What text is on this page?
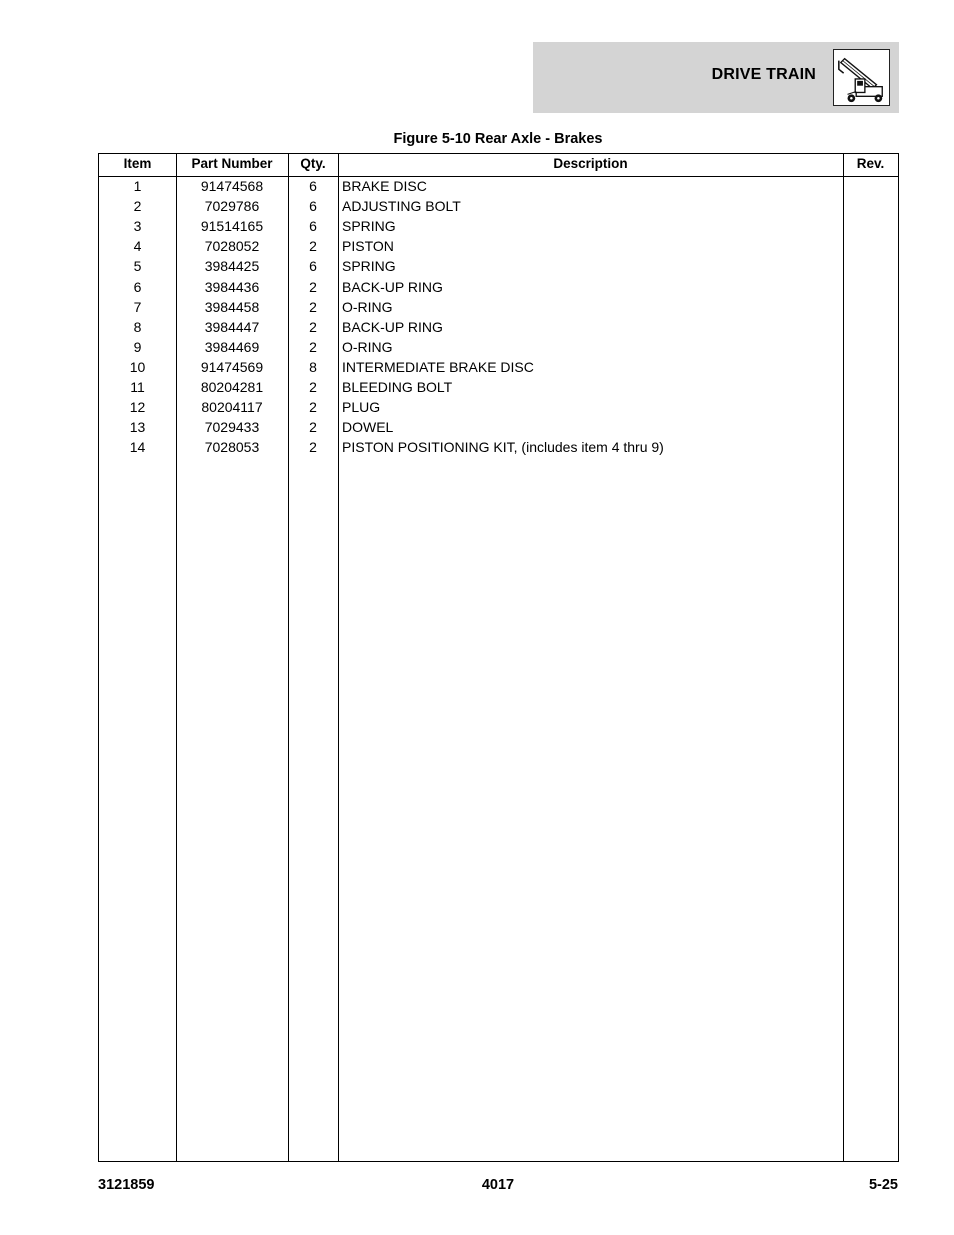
DRIVE TRAIN
Figure 5-10 Rear Axle - Brakes
Item	Part Number	Qty.	Description	Rev.
1	91474568	6	BRAKE DISC
2	7029786	6	ADJUSTING BOLT
3	91514165	6	SPRING
4	7028052	2	PISTON
5	3984425	6	SPRING
6	3984436	2	BACK-UP RING
7	3984458	2	O-RING
8	3984447	2	BACK-UP RING
9	3984469	2	O-RING
10	91474569	8	INTERMEDIATE BRAKE DISC
11	80204281	2	BLEEDING BOLT
12	80204117	2	PLUG
13	7029433	2	DOWEL
14	7028053	2	PISTON POSITIONING KIT, (includes item 4 thru 9)
3121859	4017	5-25
